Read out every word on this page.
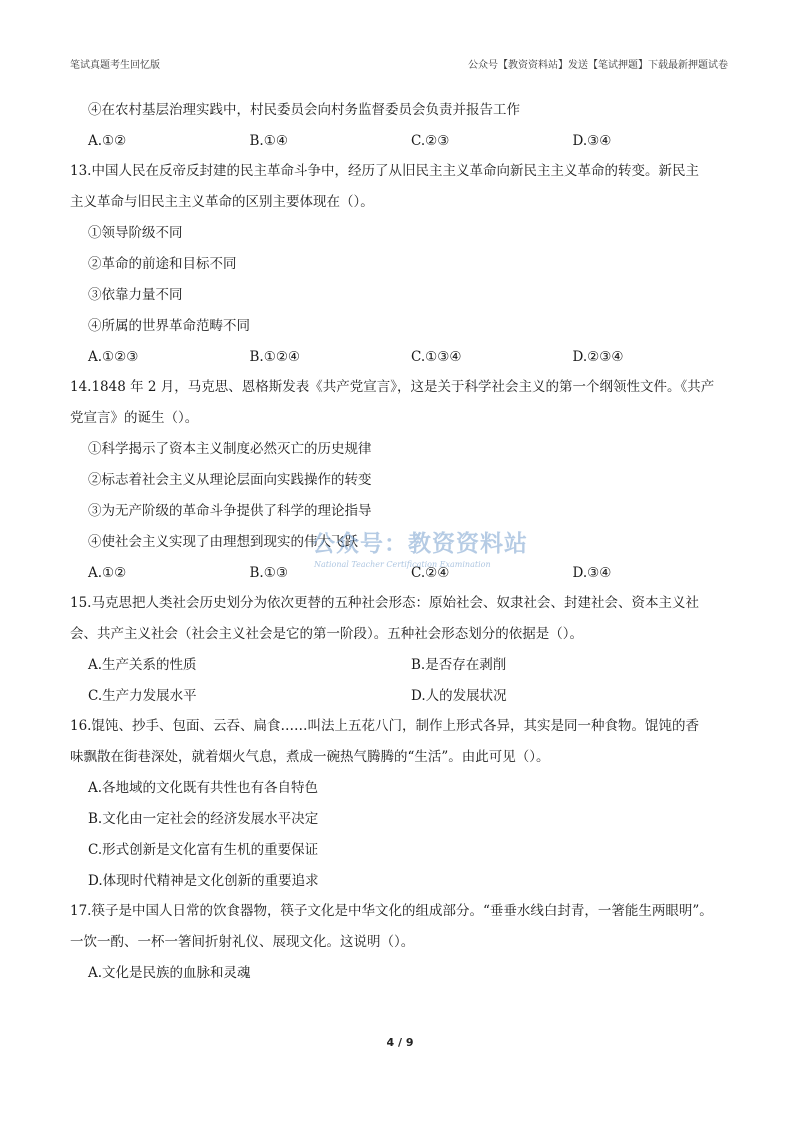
笔试真题考生回忆版	公众号【教资资料站】发送【笔试押题】下载最新押题试卷
④在农村基层治理实践中，村民委员会向村务监督委员会负责并报告工作
A.①②	B.①④	C.②③	D.③④
13.中国人民在反帝反封建的民主革命斗争中，经历了从旧民主主义革命向新民主主义革命的转变。新民主
主义革命与旧民主主义革命的区别主要体现在（）。
①领导阶级不同
②革命的前途和目标不同
③依靠力量不同
④所属的世界革命范畴不同
A.①②③	B.①②④	C.①③④	D.②③④
14.1848 年 2 月，马克思、恩格斯发表《共产党宣言》，这是关于科学社会主义的第一个纲领性文件。《共产
党宣言》的诞生（）。
①科学揭示了资本主义制度必然灭亡的历史规律
②标志着社会主义从理论层面向实践操作的转变
③为无产阶级的革命斗争提供了科学的理论指导
④使社会主义实现了由理想到现实的伟大飞跃
A.①②	B.①③	C.②④	D.③④
15.马克思把人类社会历史划分为依次更替的五种社会形态：原始社会、奴隶社会、封建社会、资本主义社
会、共产主义社会（社会主义社会是它的第一阶段）。五种社会形态划分的依据是（）。
A.生产关系的性质	B.是否存在剥削
C.生产力发展水平	D.人的发展状况
16.馄饨、抄手、包面、云吞、扁食……叫法上五花八门，制作上形式各异，其实是同一种食物。馄饨的香
味飘散在街巷深处，就着烟火气息，煮成一碗热气腾腾的“生活”。由此可见（）。
A.各地域的文化既有共性也有各自特色
B.文化由一定社会的经济发展水平决定
C.形式创新是文化富有生机的重要保证
D.体现时代精神是文化创新的重要追求
17.筷子是中国人日常的饮食器物，筷子文化是中华文化的组成部分。“垂垂水线白封青，一箸能生两眼明”。
一饮一酌、一杯一箸间折射礼仪、展现文化。这说明（）。
A.文化是民族的血脉和灵魂
公众号：教资资料站
National Teacher Certification Examination
4 / 9
